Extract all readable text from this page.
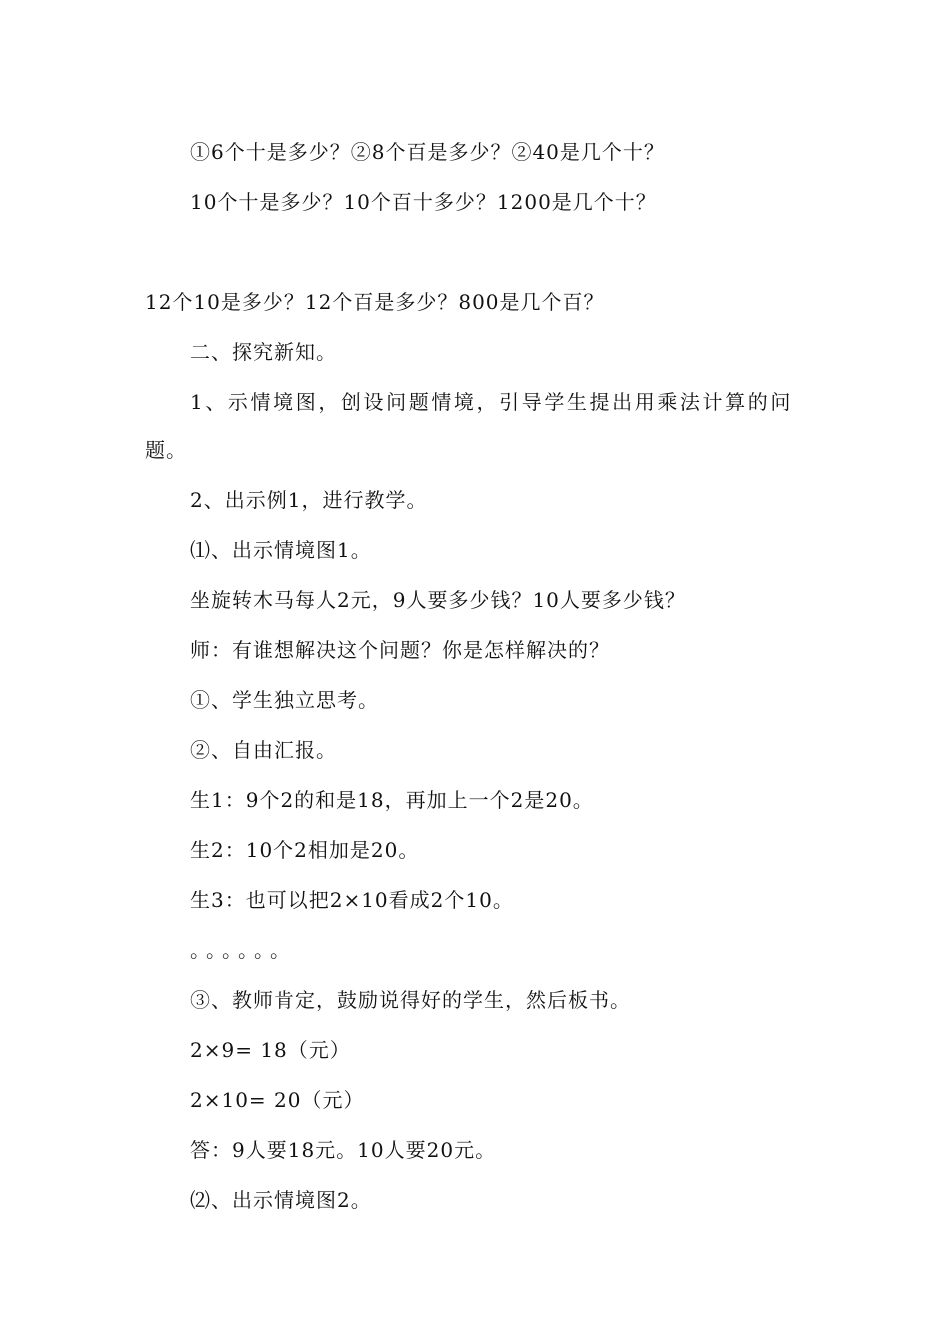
①6个十是多少？②8个百是多少？②40是几个十？
10个十是多少？10个百十多少？1200是几个十？
12个10是多少？12个百是多少？800是几个百？
二、探究新知。
1、示情境图，创设问题情境，引导学生提出用乘法计算的问
题。
2、出示例1，进行教学。
⑴、出示情境图1。
坐旋转木马每人2元，9人要多少钱？10人要多少钱？
师：有谁想解决这个问题？你是怎样解决的？
①、学生独立思考。
②、自由汇报。
生1：9个2的和是18，再加上一个2是20。
生2：10个2相加是20。
生3：也可以把2×10看成2个10。
。。。。。。
③、教师肯定，鼓励说得好的学生，然后板书。
2×9= 18（元）
2×10= 20（元）
答：9人要18元。10人要20元。
⑵、出示情境图2。
